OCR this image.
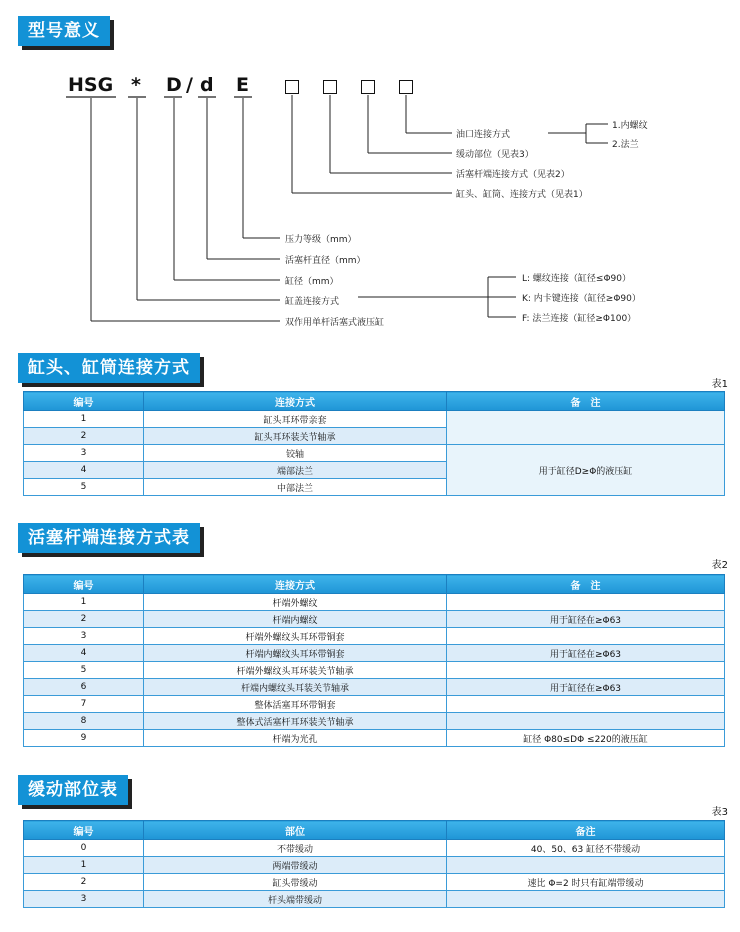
型号意义
HSG * D / d E
油口连接方式
缓动部位（见表3）
活塞杆端连接方式（见表2）
缸头、缸筒、连接方式（见表1）
1.内螺纹
2.法兰
压力等级（mm）
活塞杆直径（mm）
缸径（mm）
缸盖连接方式
双作用单杆活塞式液压缸
L: 螺纹连接（缸径≤Φ90）
K: 内卡键连接（缸径≥Φ90）
F: 法兰连接（缸径≥Φ100）
缸头、缸筒连接方式
表1
编号	连接方式	备　注
1	缸头耳环带亲套	
2	缸头耳环装关节轴承	
3	铰轴	用于缸径D≥Φ的液压缸
4	端部法兰	
5	中部法兰	
活塞杆端连接方式表
表2
编号	连接方式	备　注
1	杆端外螺纹	
2	杆端内螺纹	用于缸径在≥Φ63
3	杆端外螺纹头耳环带铜套	
4	杆端内螺纹头耳环带铜套	用于缸径在≥Φ63
5	杆端外螺纹头耳环装关节轴承	
6	杆端内螺纹头耳装关节轴承	用于缸径在≥Φ63
7	整体活塞耳环带铜套	
8	整体式活塞杆耳环装关节轴承	
9	杆端为光孔	缸径 Φ80≤DΦ ≤220的液压缸
缓动部位表
表3
编号	部位	备注
0	不带缓动	40、50、63 缸径不带缓动
1	两端带缓动	
2	缸头带缓动	速比 Φ=2 时只有缸端带缓动
3	杆头端带缓动	
